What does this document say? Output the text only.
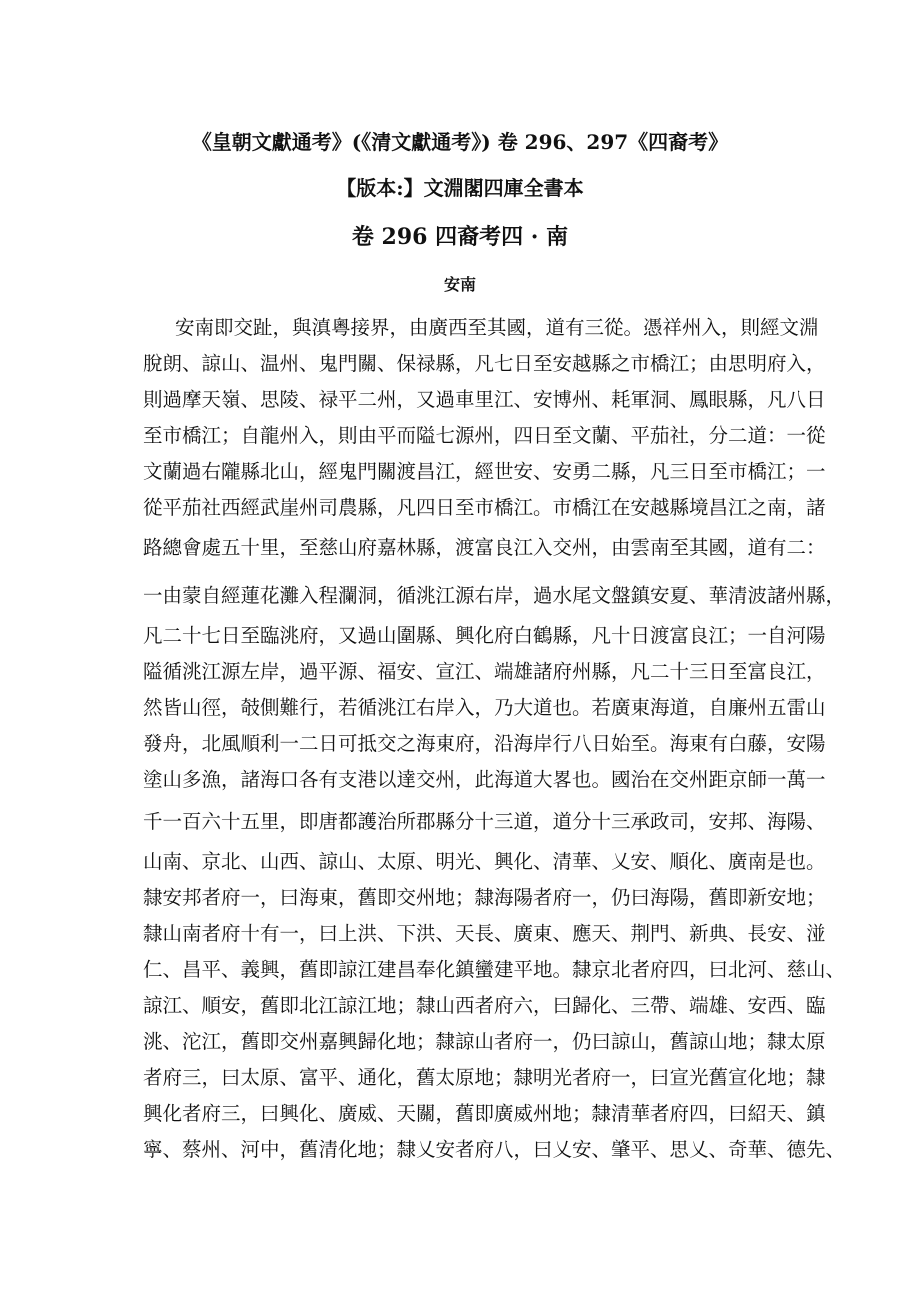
《皇朝文獻通考》(《清文獻通考》) 卷 296、297《四裔考》
【版本:】文淵閣四庫全書本
卷 296 四裔考四 · 南
安南
安南即交趾，與滇粵接界，由廣西至其國，道有三從。憑祥州入，則經文淵
脫朗、諒山、温州、鬼門關、保禄縣，凡七日至安越縣之市橋江；由思明府入，
則過摩天嶺、思陵、禄平二州，又過車里江、安博州、耗軍洞、鳳眼縣，凡八日
至市橋江；自龍州入，則由平而隘七源州，四日至文蘭、平茄社，分二道：一從
文蘭過右隴縣北山，經鬼門關渡昌江，經世安、安勇二縣，凡三日至市橋江；一
從平茄社西經武崖州司農縣，凡四日至市橋江。市橋江在安越縣境昌江之南，諸
路總會處五十里，至慈山府嘉林縣，渡富良江入交州，由雲南至其國，道有二：
一由蒙自經蓮花灘入程瀾洞，循洮江源右岸，過水尾文盤鎮安夏、華清波諸州縣，
凡二十七日至臨洮府，又過山圍縣、興化府白鶴縣，凡十日渡富良江；一自河陽
隘循洮江源左岸，過平源、福安、宣江、端雄諸府州縣，凡二十三日至富良江，
然皆山徑，攲側難行，若循洮江右岸入，乃大道也。若廣東海道，自廉州五雷山
發舟，北風順利一二日可抵交之海東府，沿海岸行八日始至。海東有白藤，安陽
塗山多漁，諸海口各有支港以達交州，此海道大畧也。國治在交州距京師一萬一
千一百六十五里，即唐都護治所郡縣分十三道，道分十三承政司，安邦、海陽、
山南、京北、山西、諒山、太原、明光、興化、清華、乂安、順化、廣南是也。
隸安邦者府一，曰海東，舊即交州地；隸海陽者府一，仍曰海陽，舊即新安地；
隸山南者府十有一，曰上洪、下洪、天長、廣東、應天、荆門、新典、長安、湴
仁、昌平、義興，舊即諒江建昌奉化鎮蠻建平地。隸京北者府四，曰北河、慈山、
諒江、順安，舊即北江諒江地；隸山西者府六，曰歸化、三帶、端雄、安西、臨
洮、沱江，舊即交州嘉興歸化地；隸諒山者府一，仍曰諒山，舊諒山地；隸太原
者府三，曰太原、富平、通化，舊太原地；隸明光者府一，曰宣光舊宣化地；隸
興化者府三，曰興化、廣威、天關，舊即廣威州地；隸清華者府四，曰紹天、鎮
寧、蔡州、河中，舊清化地；隸乂安者府八，曰乂安、肇平、思乂、奇華、德先、
